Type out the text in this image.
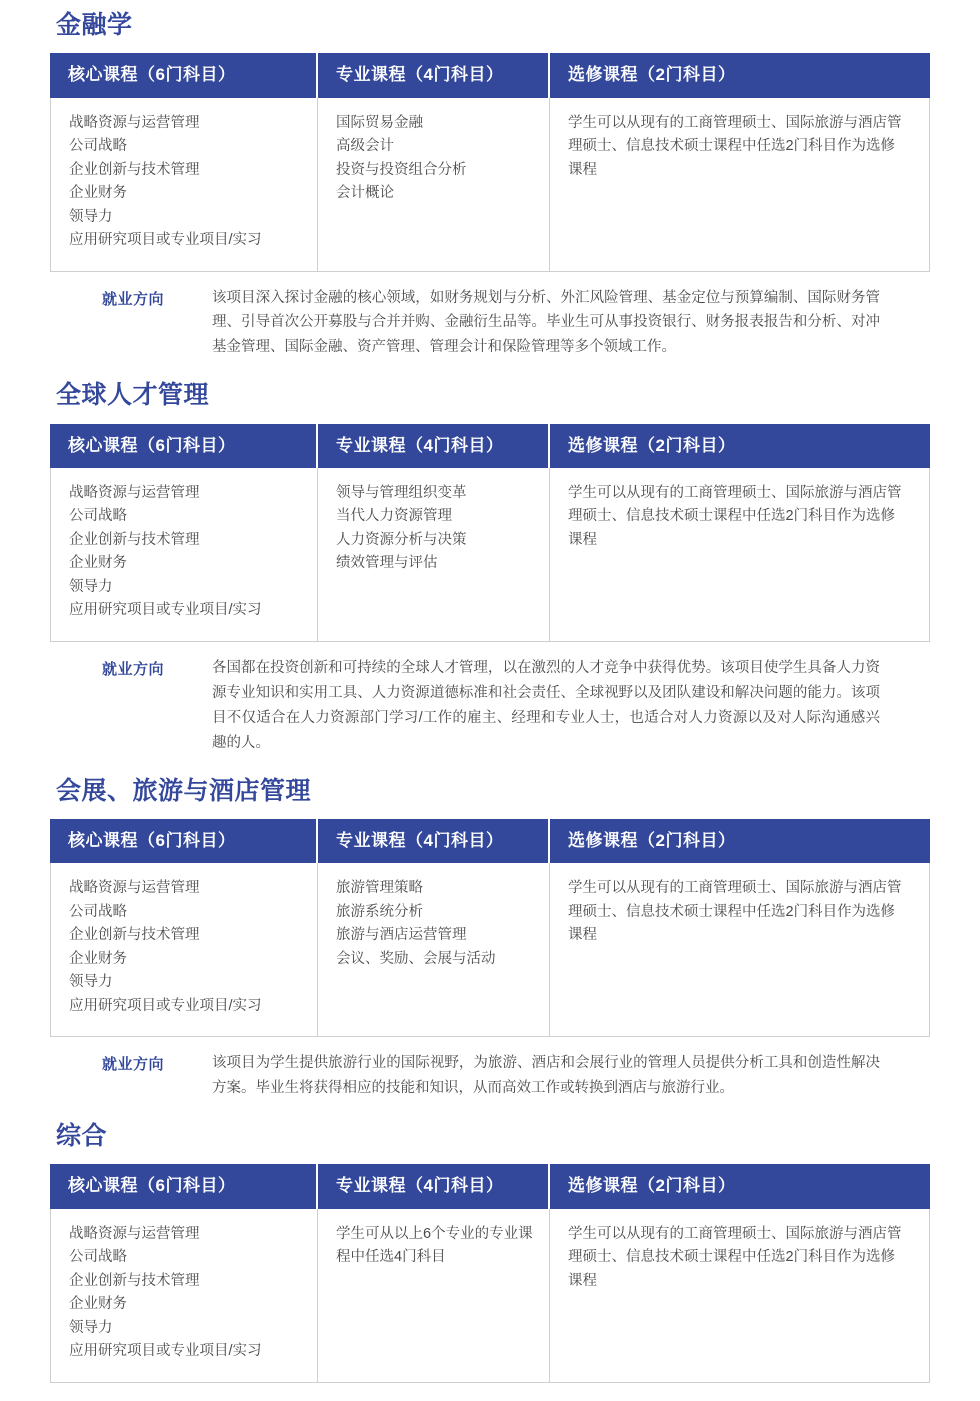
金融学
核心课程（6门科目）	专业课程（4门科目）	选修课程（2门科目）

战略资源与运营管理
公司战略
企业创新与技术管理
企业财务
领导力
应用研究项目或专业项目/实习

国际贸易金融
高级会计
投资与投资组合分析
会计概论

学生可以从现有的工商管理硕士、国际旅游与酒店管理硕士、信息技术硕士课程中任选2门科目作为选修课程

就业方向	该项目深入探讨金融的核心领域，如财务规划与分析、外汇风险管理、基金定位与预算编制、国际财务管理、引导首次公开募股与合并并购、金融衍生品等。毕业生可从事投资银行、财务报表报告和分析、对冲基金管理、国际金融、资产管理、管理会计和保险管理等多个领域工作。
全球人才管理
核心课程（6门科目）	专业课程（4门科目）	选修课程（2门科目）

战略资源与运营管理
公司战略
企业创新与技术管理
企业财务
领导力
应用研究项目或专业项目/实习

领导与管理组织变革
当代人力资源管理
人力资源分析与决策
绩效管理与评估

学生可以从现有的工商管理硕士、国际旅游与酒店管理硕士、信息技术硕士课程中任选2门科目作为选修课程

就业方向	各国都在投资创新和可持续的全球人才管理，以在激烈的人才竞争中获得优势。该项目使学生具备人力资源专业知识和实用工具、人力资源道德标准和社会责任、全球视野以及团队建设和解决问题的能力。该项目不仅适合在人力资源部门学习/工作的雇主、经理和专业人士，也适合对人力资源以及对人际沟通感兴趣的人。
会展、旅游与酒店管理
核心课程（6门科目）	专业课程（4门科目）	选修课程（2门科目）

战略资源与运营管理
公司战略
企业创新与技术管理
企业财务
领导力
应用研究项目或专业项目/实习

旅游管理策略
旅游系统分析
旅游与酒店运营管理
会议、奖励、会展与活动

学生可以从现有的工商管理硕士、国际旅游与酒店管理硕士、信息技术硕士课程中任选2门科目作为选修课程

就业方向	该项目为学生提供旅游行业的国际视野，为旅游、酒店和会展行业的管理人员提供分析工具和创造性解决方案。毕业生将获得相应的技能和知识，从而高效工作或转换到酒店与旅游行业。
综合
核心课程（6门科目）	专业课程（4门科目）	选修课程（2门科目）

战略资源与运营管理
公司战略
企业创新与技术管理
企业财务
领导力
应用研究项目或专业项目/实习

学生可从以上6个专业的专业课程中任选4门科目

学生可以从现有的工商管理硕士、国际旅游与酒店管理硕士、信息技术硕士课程中任选2门科目作为选修课程
